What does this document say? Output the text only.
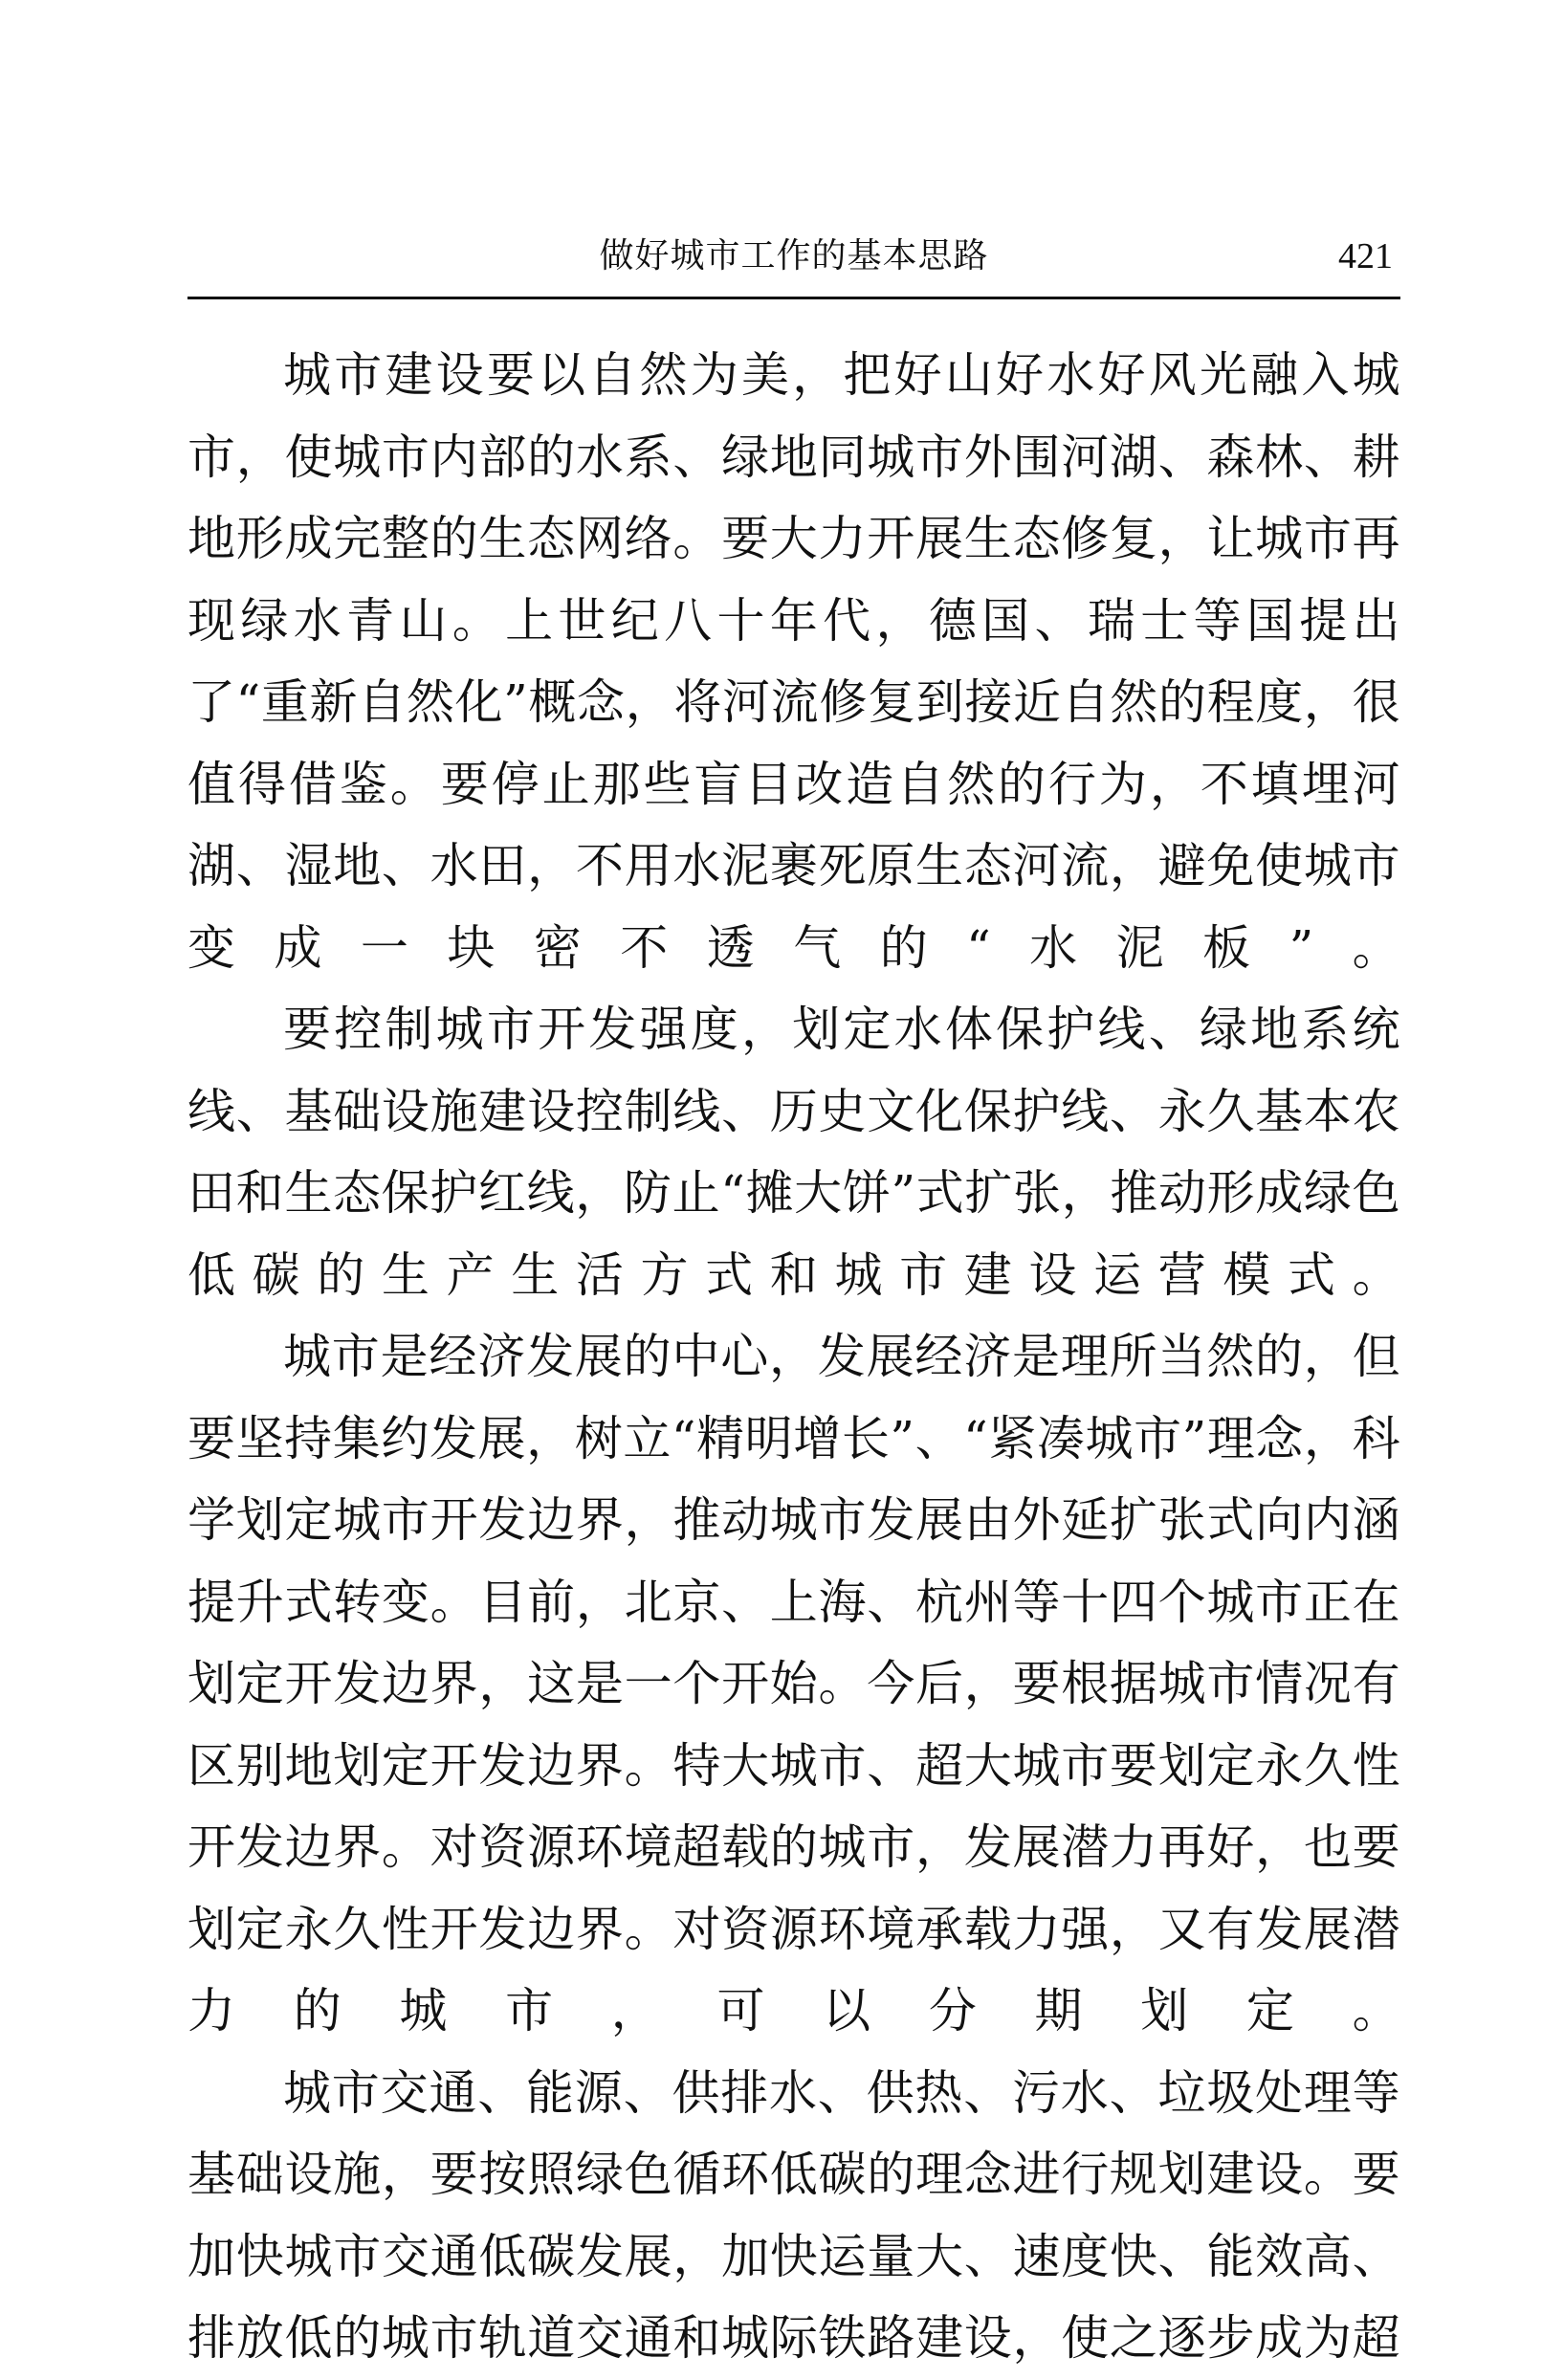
做好城市工作的基本思路	421

城市建设要以自然为美，把好山好水好风光融入城市，使城市内部的水系、绿地同城市外围河湖、森林、耕地形成完整的生态网络。要大力开展生态修复，让城市再现绿水青山。上世纪八十年代，德国、瑞士等国提出了“重新自然化”概念，将河流修复到接近自然的程度，很值得借鉴。要停止那些盲目改造自然的行为，不填埋河湖、湿地、水田，不用水泥裹死原生态河流，避免使城市变成一块密不透气的“水泥板”。

要控制城市开发强度，划定水体保护线、绿地系统线、基础设施建设控制线、历史文化保护线、永久基本农田和生态保护红线，防止“摊大饼”式扩张，推动形成绿色低碳的生产生活方式和城市建设运营模式。

城市是经济发展的中心，发展经济是理所当然的，但要坚持集约发展，树立“精明增长”、“紧凑城市”理念，科学划定城市开发边界，推动城市发展由外延扩张式向内涵提升式转变。目前，北京、上海、杭州等十四个城市正在划定开发边界，这是一个开始。今后，要根据城市情况有区别地划定开发边界。特大城市、超大城市要划定永久性开发边界。对资源环境超载的城市，发展潜力再好，也要划定永久性开发边界。对资源环境承载力强，又有发展潜力的城市，可以分期划定。

城市交通、能源、供排水、供热、污水、垃圾处理等基础设施，要按照绿色循环低碳的理念进行规划建设。要加快城市交通低碳发展，加快运量大、速度快、能效高、排放低的城市轨道交通和城际铁路建设，使之逐步成为超
